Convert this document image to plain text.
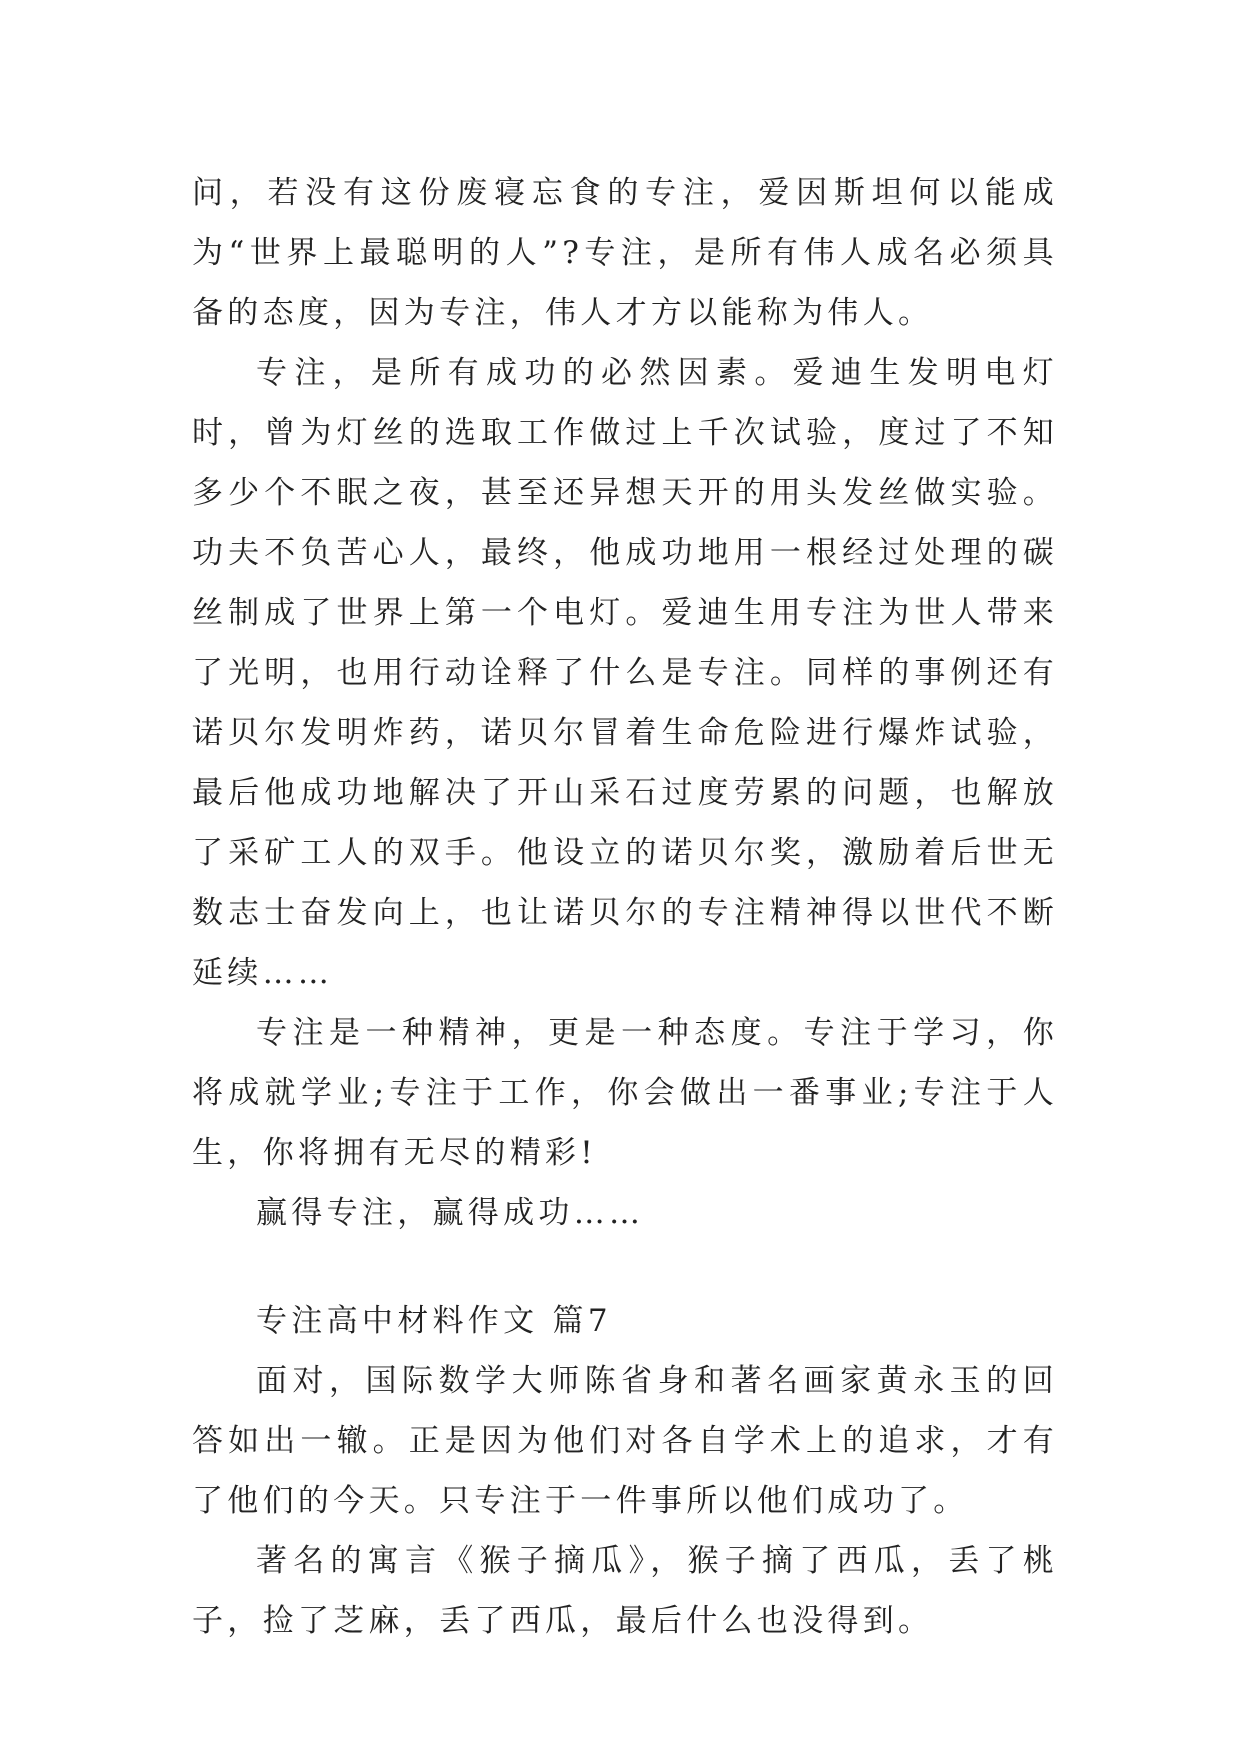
问，若没有这份废寝忘食的专注，爱因斯坦何以能成为“世界上最聪明的人”?专注，是所有伟人成名必须具备的态度，因为专注，伟人才方以能称为伟人。

专注，是所有成功的必然因素。爱迪生发明电灯时，曾为灯丝的选取工作做过上千次试验，度过了不知多少个不眠之夜，甚至还异想天开的用头发丝做实验。功夫不负苦心人，最终，他成功地用一根经过处理的碳丝制成了世界上第一个电灯。爱迪生用专注为世人带来了光明，也用行动诠释了什么是专注。同样的事例还有诺贝尔发明炸药，诺贝尔冒着生命危险进行爆炸试验，最后他成功地解决了开山采石过度劳累的问题，也解放了采矿工人的双手。他设立的诺贝尔奖，激励着后世无数志士奋发向上，也让诺贝尔的专注精神得以世代不断延续……

专注是一种精神，更是一种态度。专注于学习，你将成就学业;专注于工作，你会做出一番事业;专注于人生，你将拥有无尽的精彩!

赢得专注，赢得成功……

专注高中材料作文 篇7

面对，国际数学大师陈省身和著名画家黄永玉的回答如出一辙。正是因为他们对各自学术上的追求，才有了他们的今天。只专注于一件事所以他们成功了。

著名的寓言《猴子摘瓜》，猴子摘了西瓜，丢了桃子，捡了芝麻，丢了西瓜，最后什么也没得到。
